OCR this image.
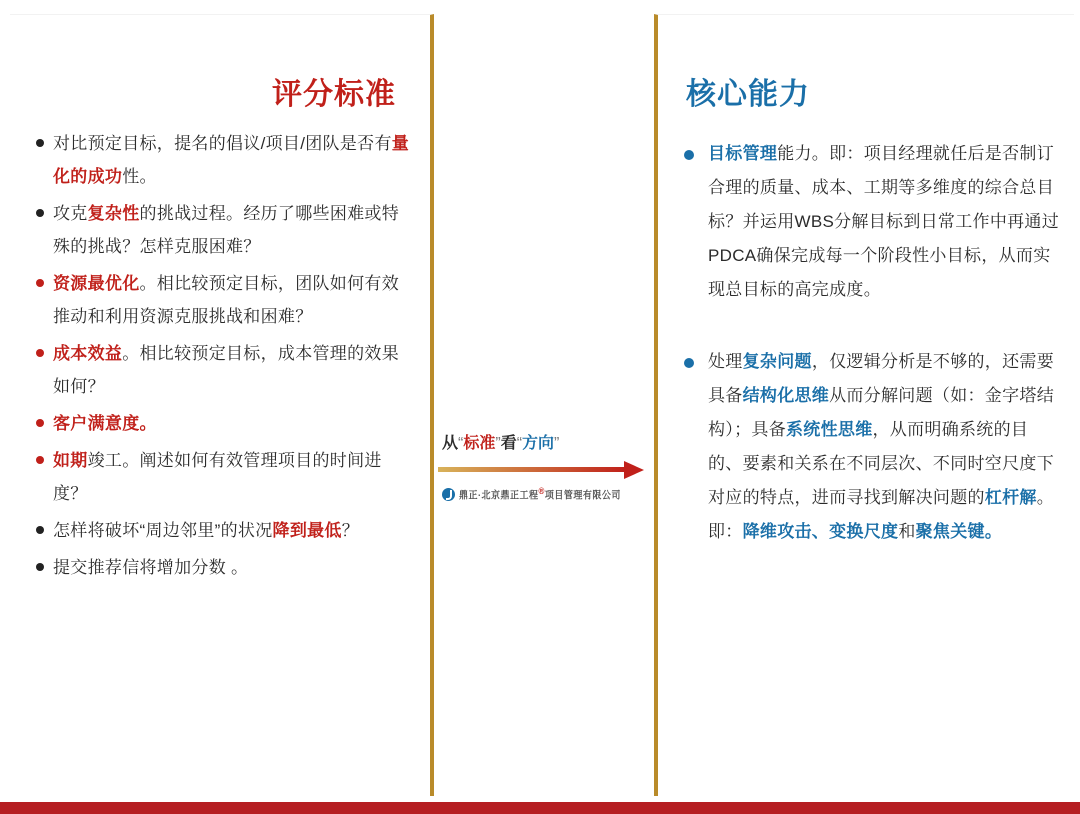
评分标准
对比预定目标，提名的倡议/项目/团队是否有量化的成功性。
攻克复杂性的挑战过程。经历了哪些困难或特殊的挑战？怎样克服困难？
资源最优化。相比较预定目标，团队如何有效推动和利用资源克服挑战和困难？
成本效益。相比较预定目标，成本管理的效果如何？
客户满意度。
如期竣工。阐述如何有效管理项目的时间进度？
怎样将破坏“周边邻里”的状况降到最低？
提交推荐信将增加分数 。
从“标准”看“方向”
鼎正·北京鼎正工程®项目管理有限公司
核心能力
目标管理能力。即：项目经理就任后是否制订合理的质量、成本、工期等多维度的综合总目标？并运用WBS分解目标到日常工作中再通过PDCA确保完成每一个阶段性小目标，从而实现总目标的高完成度。
处理复杂问题，仅逻辑分析是不够的，还需要具备结构化思维从而分解问题（如：金字塔结构）；具备系统性思维，从而明确系统的目的、要素和关系在不同层次、不同时空尺度下对应的特点，进而寻找到解决问题的杠杆解。即：降维攻击、变换尺度和聚焦关键。
